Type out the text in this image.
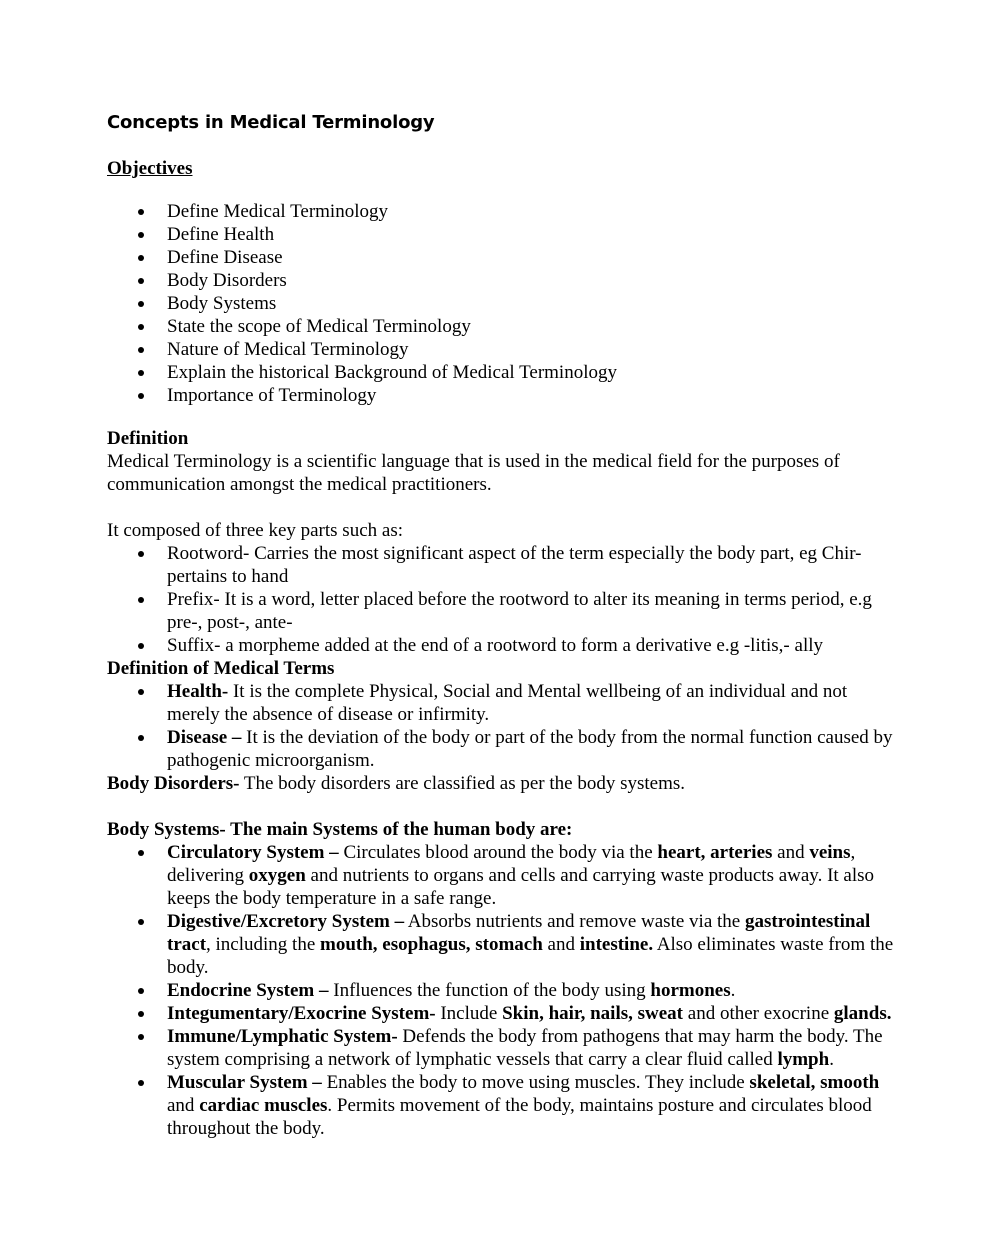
Concepts in Medical Terminology
Objectives
Define Medical Terminology
Define Health
Define Disease
Body Disorders
Body Systems
State the scope of Medical Terminology
Nature of Medical Terminology
Explain the historical Background of Medical Terminology
Importance of Terminology

Definition

Medical Terminology is a scientific language that is used in the medical field for the purposes of communication amongst the medical practitioners.

It composed of three key parts such as:

Rootword- Carries the most significant aspect of the term especially the body part, eg Chir- pertains to hand
Prefix- It is a word, letter placed before the rootword to alter its meaning in terms period, e.g pre-, post-, ante-
Suffix- a morpheme added at the end of a rootword to form a derivative e.g -litis,- ally

Definition of Medical Terms

Health- It is the complete Physical, Social and Mental wellbeing of an individual and not merely the absence of disease or infirmity.
Disease – It is the deviation of the body or part of the body from the normal function caused by pathogenic microorganism.

Body Disorders- The body disorders are classified as per the body systems.

Body Systems- The main Systems of the human body are:

Circulatory System – Circulates blood around the body via the heart, arteries and veins, delivering oxygen and nutrients to organs and cells and carrying waste products away. It also keeps the body temperature in a safe range.
Digestive/Excretory System – Absorbs nutrients and remove waste via the gastrointestinal tract, including the mouth, esophagus, stomach and intestine. Also eliminates waste from the body.
Endocrine System – Influences the function of the body using hormones.
Integumentary/Exocrine System- Include Skin, hair, nails, sweat and other exocrine glands.
Immune/Lymphatic System- Defends the body from pathogens that may harm the body. The system comprising a network of lymphatic vessels that carry a clear fluid called lymph.
Muscular System – Enables the body to move using muscles. They include skeletal, smooth and cardiac muscles. Permits movement of the body, maintains posture and circulates blood throughout the body.
